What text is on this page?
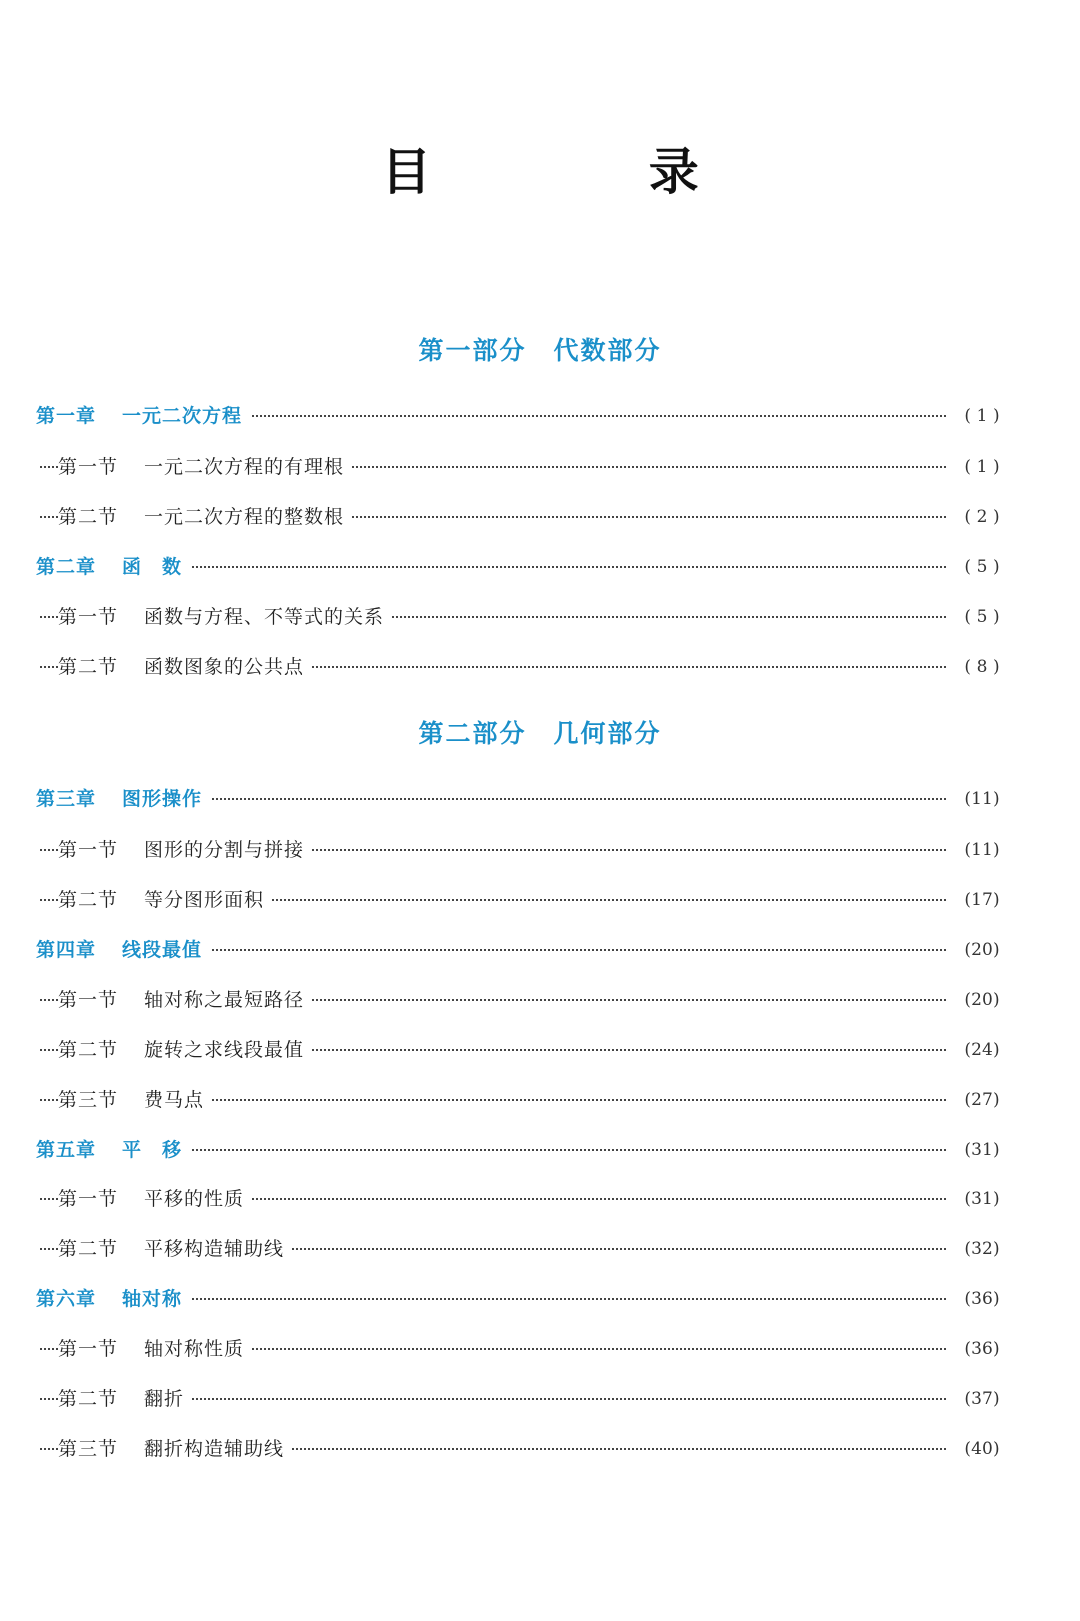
目 录
第一部分　代数部分
第一章 一元二次方程	( 1 )
第一节 一元二次方程的有理根	( 1 )
第二节 一元二次方程的整数根	( 2 )
第二章 函　数	( 5 )
第一节 函数与方程、不等式的关系	( 5 )
第二节 函数图象的公共点	( 8 )
第二部分　几何部分
第三章 图形操作	(11)
第一节 图形的分割与拼接	(11)
第二节 等分图形面积	(17)
第四章 线段最值	(20)
第一节 轴对称之最短路径	(20)
第二节 旋转之求线段最值	(24)
第三节 费马点	(27)
第五章 平　移	(31)
第一节 平移的性质	(31)
第二节 平移构造辅助线	(32)
第六章 轴对称	(36)
第一节 轴对称性质	(36)
第二节 翻折	(37)
第三节 翻折构造辅助线	(40)
